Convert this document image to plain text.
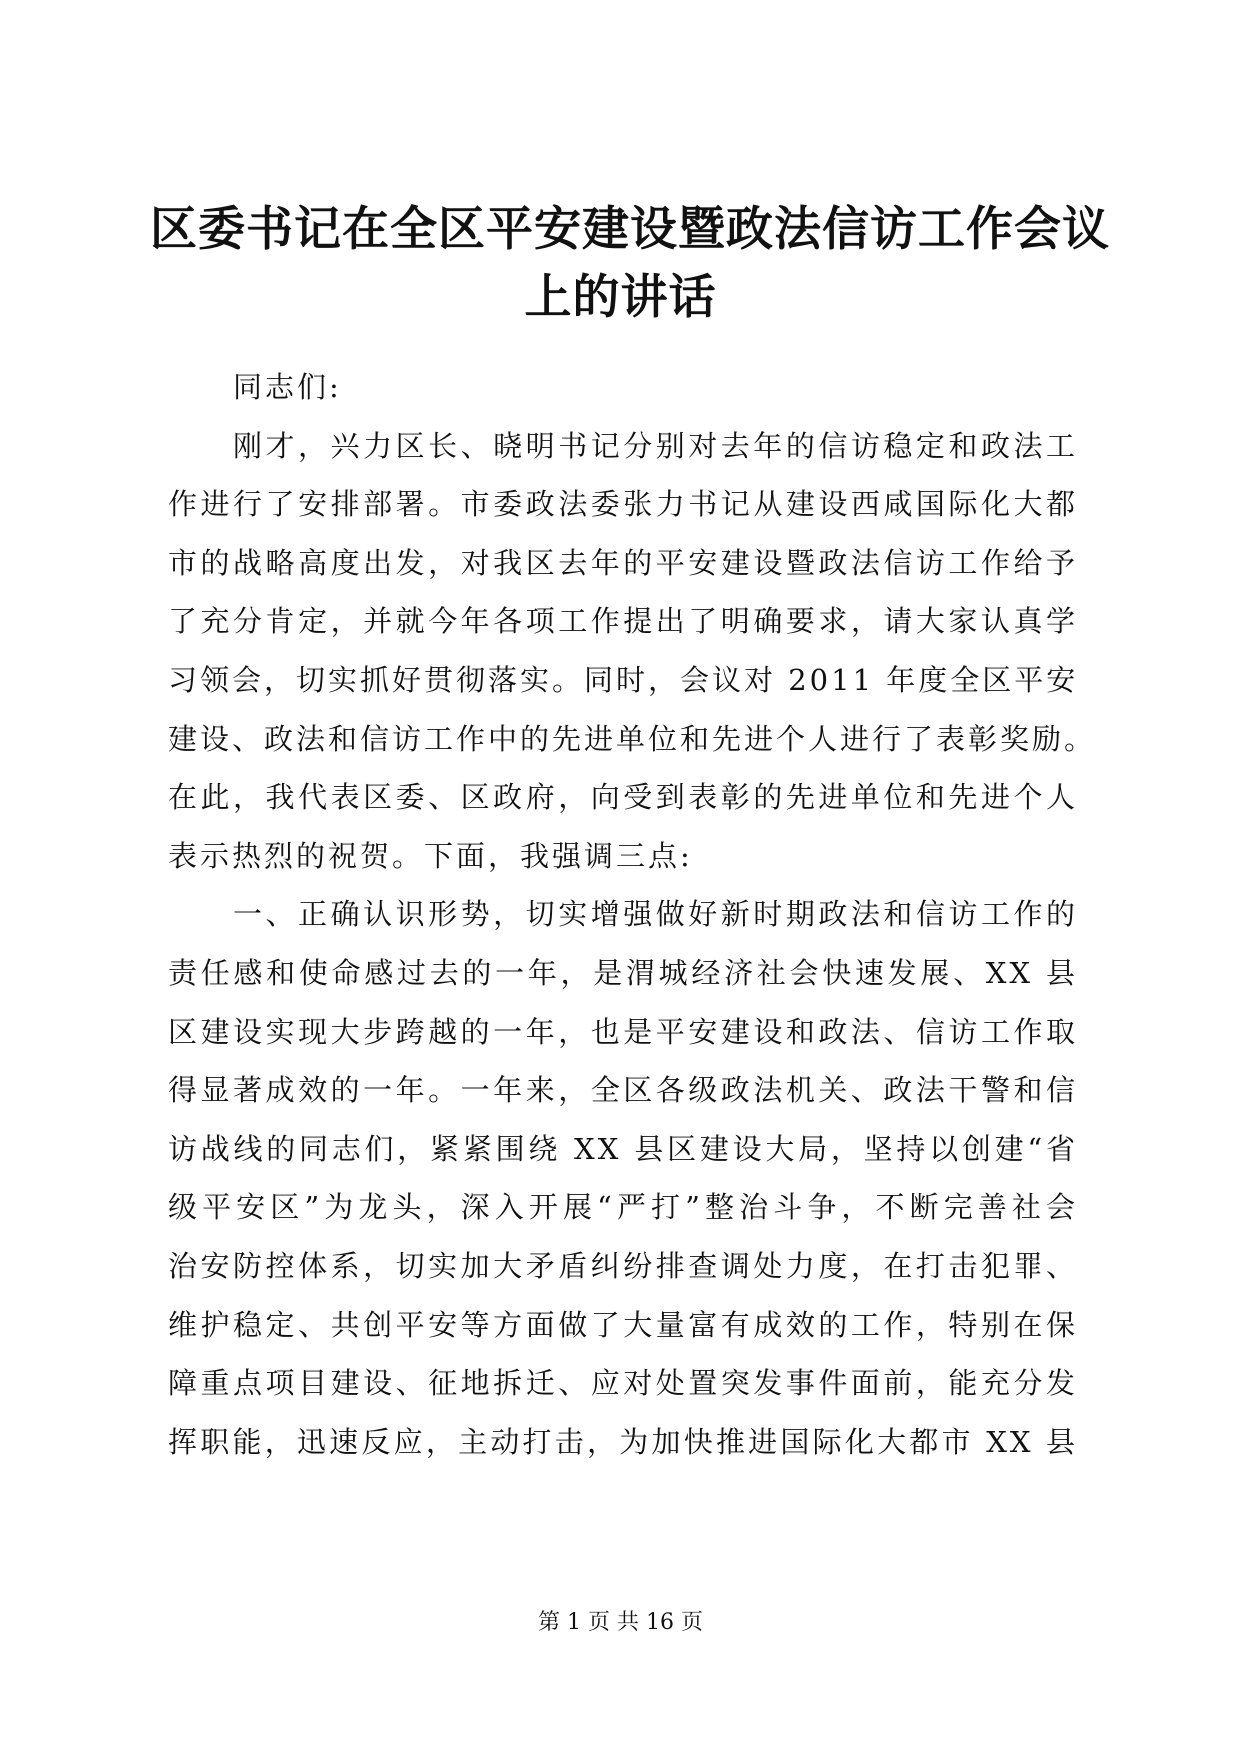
区委书记在全区平安建设暨政法信访工作会议
上的讲话
同志们:
刚才，兴力区长、晓明书记分别对去年的信访稳定和政法工
作进行了安排部署。市委政法委张力书记从建设西咸国际化大都
市的战略高度出发，对我区去年的平安建设暨政法信访工作给予
了充分肯定，并就今年各项工作提出了明确要求，请大家认真学
习领会，切实抓好贯彻落实。同时，会议对 2011 年度全区平安
建设、政法和信访工作中的先进单位和先进个人进行了表彰奖励。
在此，我代表区委、区政府，向受到表彰的先进单位和先进个人
表示热烈的祝贺。下面，我强调三点:
一、正确认识形势，切实增强做好新时期政法和信访工作的
责任感和使命感过去的一年，是渭城经济社会快速发展、XX 县
区建设实现大步跨越的一年，也是平安建设和政法、信访工作取
得显著成效的一年。一年来，全区各级政法机关、政法干警和信
访战线的同志们，紧紧围绕 XX 县区建设大局，坚持以创建“省
级平安区”为龙头，深入开展“严打”整治斗争，不断完善社会
治安防控体系，切实加大矛盾纠纷排查调处力度，在打击犯罪、
维护稳定、共创平安等方面做了大量富有成效的工作，特别在保
障重点项目建设、征地拆迁、应对处置突发事件面前，能充分发
挥职能，迅速反应，主动打击，为加快推进国际化大都市 XX 县
第 1 页 共 16 页
